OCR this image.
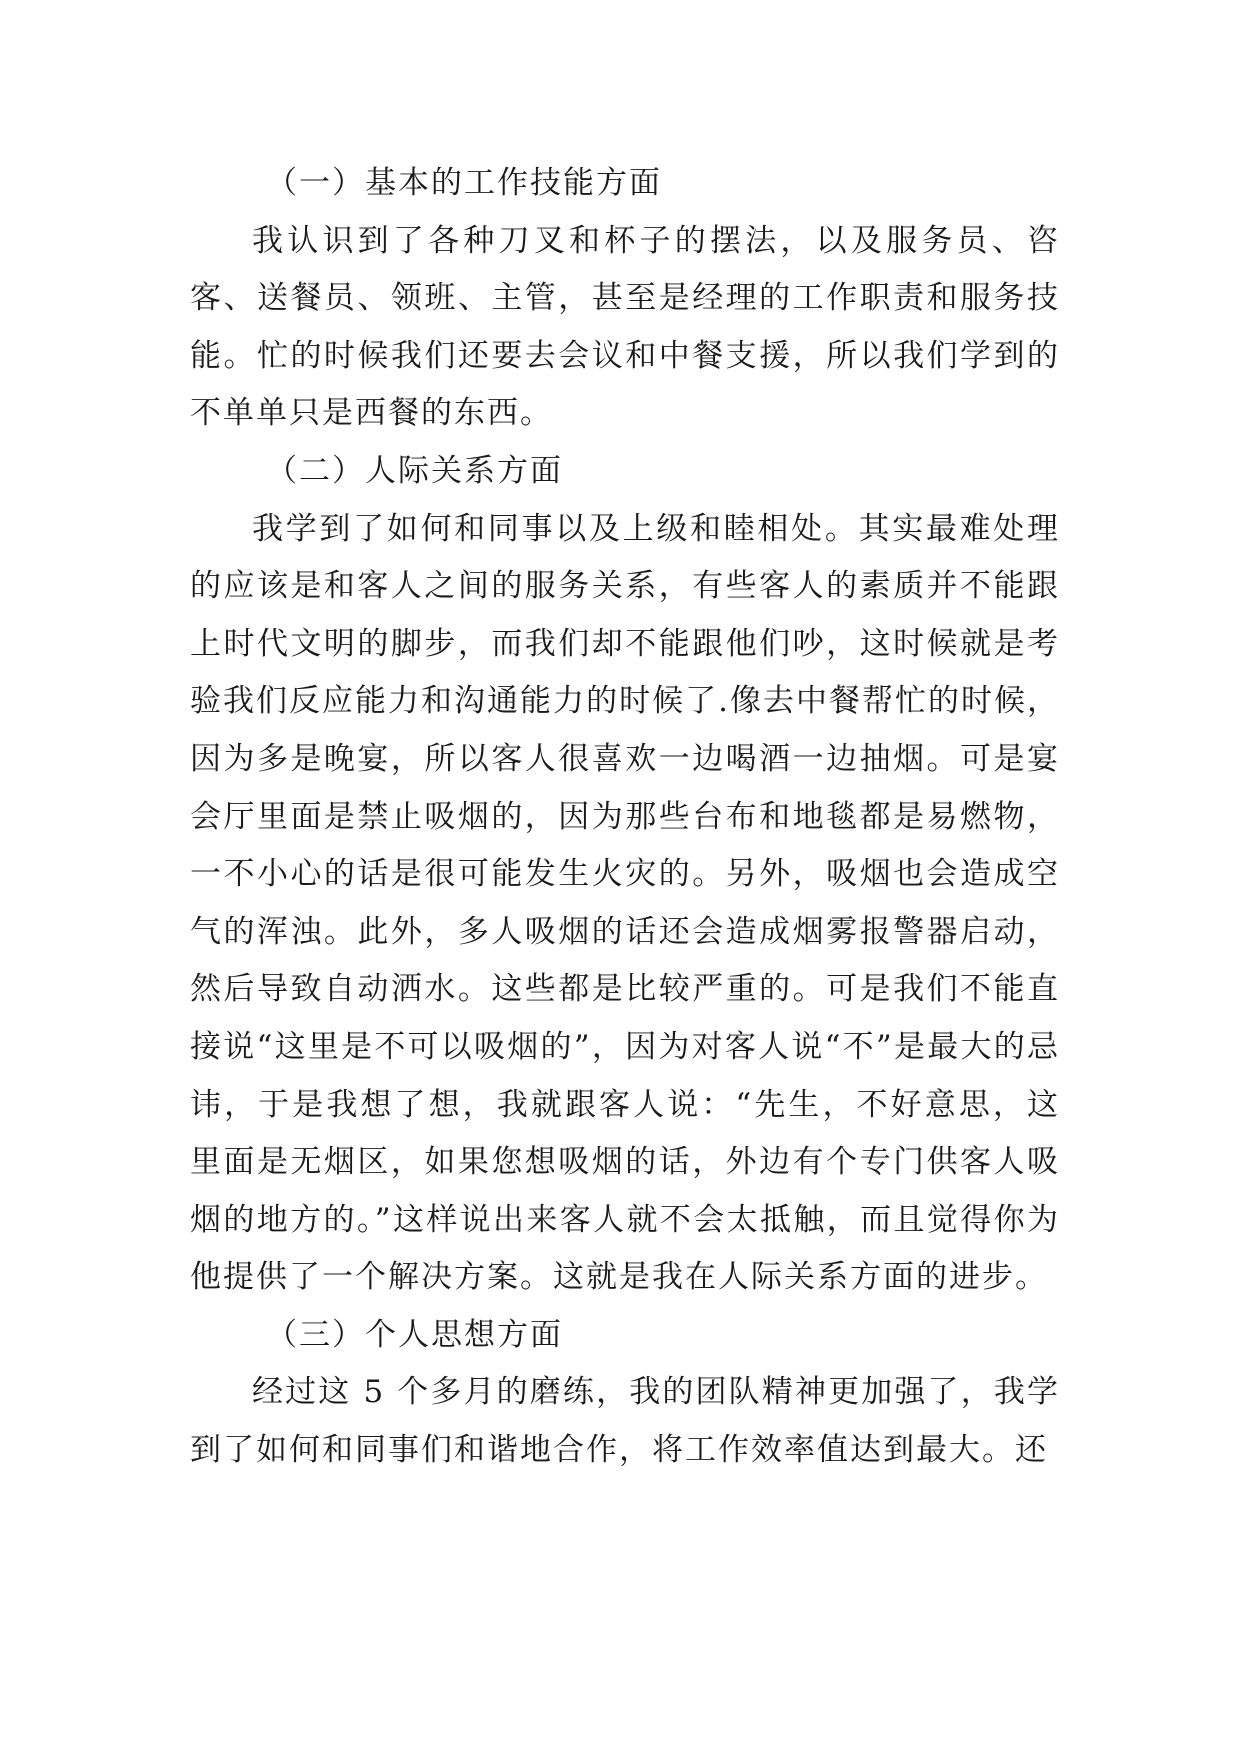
（一）基本的工作技能方面

我认识到了各种刀叉和杯子的摆法，以及服务员、咨客、送餐员、领班、主管，甚至是经理的工作职责和服务技能。忙的时候我们还要去会议和中餐支援，所以我们学到的不单单只是西餐的东西。

（二）人际关系方面

我学到了如何和同事以及上级和睦相处。其实最难处理的应该是和客人之间的服务关系，有些客人的素质并不能跟上时代文明的脚步，而我们却不能跟他们吵，这时候就是考验我们反应能力和沟通能力的时候了.像去中餐帮忙的时候，因为多是晚宴，所以客人很喜欢一边喝酒一边抽烟。可是宴会厅里面是禁止吸烟的，因为那些台布和地毯都是易燃物，一不小心的话是很可能发生火灾的。另外，吸烟也会造成空气的浑浊。此外，多人吸烟的话还会造成烟雾报警器启动，然后导致自动洒水。这些都是比较严重的。可是我们不能直接说“这里是不可以吸烟的”，因为对客人说“不”是最大的忌讳，于是我想了想，我就跟客人说：“先生，不好意思，这里面是无烟区，如果您想吸烟的话，外边有个专门供客人吸烟的地方的。”这样说出来客人就不会太抵触，而且觉得你为他提供了一个解决方案。这就是我在人际关系方面的进步。

（三）个人思想方面

经过这 5 个多月的磨练，我的团队精神更加强了，我学到了如何和同事们和谐地合作，将工作效率值达到最大。还
